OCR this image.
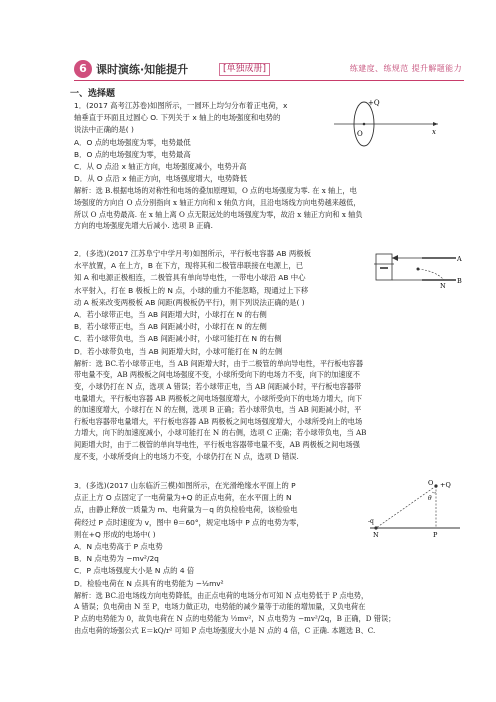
6 课时演练·知能提升	[单独成册]	练建度、练规范 提升解题能力
一、选择题

1．(2017 高考江苏卷)如图所示，一圆环上均匀分布着正电荷，x

轴垂直于环面且过圆心 O. 下列关于 x 轴上的电场强度和电势的

说法中正确的是( )

A．O 点的电场强度为零，电势最低

B．O 点的电场强度为零，电势最高

C．从 O 点沿 x 轴正方向，电场强度减小，电势升高

D．从 O 点沿 x 轴正方向，电场强度增大，电势降低

解析：选 B.根据电场的对称性和电场的叠加原理知，O 点的电场强度为零. 在 x 轴上，电

场强度的方向自 O 点分别指向 x 轴正方向和 x 轴负方向，且沿电场线方向电势越来越低，

所以 O 点电势最高. 在 x 轴上离 O 点无限远处的电场强度为零，故沿 x 轴正方向和 x 轴负

方向的电场强度先增大后减小. 选项 B 正确.

+Q
O	x

2．(多选)(2017 江苏阜宁中学月考)如图所示，平行板电容器 AB 两极板

水平放置，A 在上方，B 在下方，现将其和二极管串联接在电源上，已

知 A 和电源正极相连，二极管具有单向导电性，一带电小球沿 AB 中心

水平射入，打在 B 极板上的 N 点，小球的重力不能忽略，现通过上下移

动 A 板来改变两极板 AB 间距(两极板仍平行)，则下列说法正确的是( )

A．若小球带正电，当 AB 间距增大时，小球打在 N 的右侧

B．若小球带正电，当 AB 间距减小时，小球打在 N 的左侧

C．若小球带负电，当 AB 间距减小时，小球可能打在 N 的右侧

D．若小球带负电，当 AB 间距增大时，小球可能打在 N 的左侧

解析：选 BC.若小球带正电，当 AB 间距增大时，由于二极管的单向导电性，平行板电容器

带电量不变，AB 两极板之间电场强度不变，小球所受向下的电场力不变，向下的加速度不

变，小球仍打在 N 点，选项 A 错误；若小球带正电，当 AB 间距减小时，平行板电容器带

电量增大，平行板电容器 AB 两极板之间电场强度增大，小球所受向下的电场力增大，向下

的加速度增大，小球打在 N 的左侧，选项 B 正确；若小球带负电，当 AB 间距减小时，平

行板电容器带电量增大，平行板电容器 AB 两极板之间电场强度增大，小球所受向上的电场

力增大，向下的加速度减小，小球可能打在 N 的右侧，选项 C 正确；若小球带负电，当 AB

间距增大时，由于二极管的单向导电性，平行板电容器带电量不变，AB 两极板之间电场强

度不变，小球所受向上的电场力不变，小球仍打在 N 点，选项 D 错误.

A
B
N

3．(多选)(2017 山东临沂三模)如图所示，在光滑绝缘水平面上的 P

点正上方 O 点固定了一电荷量为+Q 的正点电荷，在水平面上的 N

点，由静止释放一质量为 m、电荷量为－q 的负检验电荷，该检验电

荷经过 P 点时速度为 v，图中 θ＝60°，规定电场中 P 点的电势为零，

则在+Q 形成的电场中( )

A．N 点电势高于 P 点电势

B．N 点电势为 −mv²/2q

C．P 点电场强度大小是 N 点的 4 倍

D．检验电荷在 N 点具有的电势能为 −½mv²

解析：选 BC.沿电场线方向电势降低，由正点电荷的电场分布可知 N 点电势低于 P 点电势，

A 错误；负电荷由 N 至 P，电场力做正功，电势能的减少量等于动能的增加量，又负电荷在

P 点的电势能为 0，故负电荷在 N 点的电势能为 ½mv²，N 点电势为 −mv²/2q，B 正确，D 错误；

由点电荷的场强公式 E＝kQ/r² 可知 P 点电场强度大小是 N 点的 4 倍，C 正确. 本题选 B、C.

O +Q
θ
-q
N	P
